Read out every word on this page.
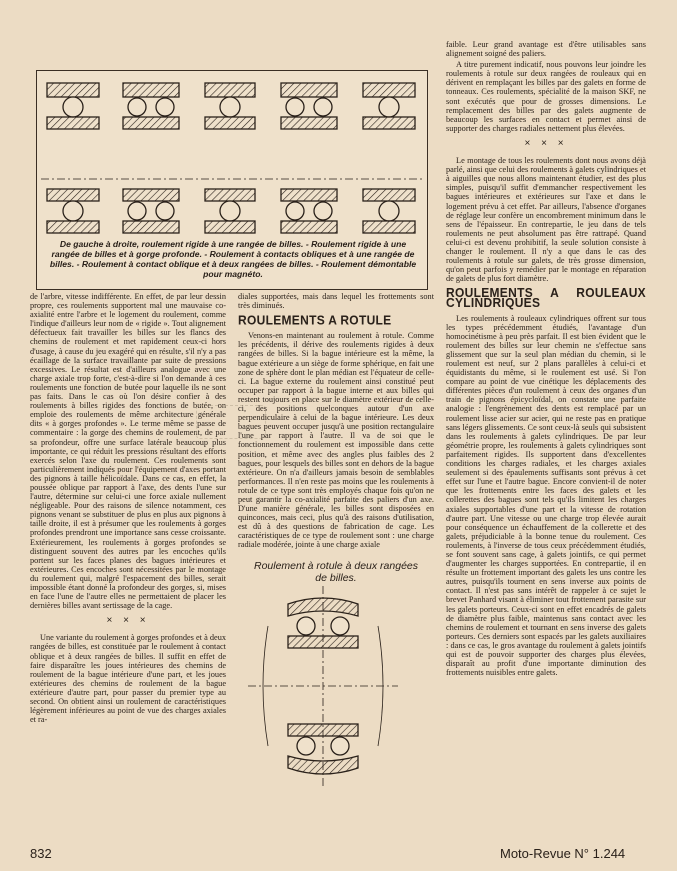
De gauche à droite, roulement rigide à une rangée de billes. - Roulement rigide à une rangée de billes et à gorge profonde. - Roulement à contacts obliques et à une rangée de billes. - Roulement à contact oblique et à deux rangées de billes. - Roulement démontable pour magnéto.

de l'arbre, vitesse indifférente. En effet, de par leur dessin propre, ces roulements supportent mal une mauvaise co-axialité entre l'arbre et le logement du roulement, comme l'indique d'ailleurs leur nom de « rigide ». Tout alignement défectueux fait travailler les billes sur les flancs des chemins de roulement et met rapidement ceux-ci hors d'usage, à cause du jeu exagéré qui en résulte, s'il n'y a pas écaillage de la surface travaillante par suite de pressions excessives. Le résultat est d'ailleurs analogue avec une charge axiale trop forte, c'est-à-dire si l'on demande à ces roulements une fonction de butée pour laquelle ils ne sont pas faits. Dans le cas où l'on désire confier à des roulements à billes rigides des fonctions de butée, on emploie des roulements de même architecture générale dits « à gorges profondes ». Le terme même se passe de commentaire : la gorge des chemins de roulement, de par sa profondeur, offre une surface latérale beaucoup plus importante, ce qui réduit les pressions résultant des efforts exercés selon l'axe du roulement. Ces roulements sont particulièrement indiqués pour l'équipement d'axes portant des pignons à taille hélicoïdale. Dans ce cas, en effet, la poussée oblique par rapport à l'axe, des dents l'une sur l'autre, détermine sur celui-ci une force axiale nullement négligeable. Pour des raisons de silence notamment, ces pignons venant se substituer de plus en plus aux pignons à taille droite, il est à présumer que les roulements à gorges profondes prendront une importance sans cesse croissante. Extérieurement, les roulements à gorges profondes se distinguent souvent des autres par les encoches qu'ils portent sur les faces planes des bagues intérieures et extérieures. Ces encoches sont nécessitées par le montage du roulement qui, malgré l'espacement des billes, serait impossible étant donné la profondeur des gorges, si, mises en face l'une de l'autre elles ne permettaient de placer les dernières billes avant sertissage de la cage.

× × ×

Une variante du roulement à gorges profondes et à deux rangées de billes, est constituée par le roulement à contact oblique et à deux rangées de billes. Il suffit en effet de faire disparaître les joues intérieures des chemins de roulement de la bague intérieure d'une part, et les joues extérieures des chemins de roulement de la bague extérieure d'autre part, pour passer du premier type au second. On obtient ainsi un roulement de caractéristiques légèrement inférieures au point de vue des charges axiales et ra-

diales supportées, mais dans lequel les frottements sont très diminués.

ROULEMENTS A ROTULE

Venons-en maintenant au roulement à rotule. Comme les précédents, il dérive des roulements rigides à deux rangées de billes. Si la bague intérieure est la même, la bague extérieure a un siège de forme sphérique, en fait une zone de sphère dont le plan médian est l'équateur de celle-ci. La bague externe du roulement ainsi constitué peut occuper par rapport à la bague interne et aux billes qui restent toujours en place sur le diamètre extérieur de celle-ci, des positions quelconques autour d'un axe perpendiculaire à celui de la bague intérieure. Les deux bagues peuvent occuper jusqu'à une position rectangulaire l'une par rapport à l'autre. Il va de soi que le fonctionnement du roulement est impossible dans cette position, et même avec des angles plus faibles des 2 bagues, pour lesquels des billes sont en dehors de la bague extérieure. On n'a d'ailleurs jamais besoin de semblables performances. Il n'en reste pas moins que les roulements à rotule de ce type sont très employés chaque fois qu'on ne peut garantir la co-axialité parfaite des paliers d'un axe. D'une manière générale, les billes sont disposées en quinconces, mais ceci, plus qu'à des raisons d'utilisation, est dû à des questions de fabrication de cage. Les caractéristiques de ce type de roulement sont : une charge radiale modérée, jointe à une charge axiale

Roulement à rotule à deux rangées de billes.

faible. Leur grand avantage est d'être utilisables sans alignement soigné des paliers.

A titre purement indicatif, nous pouvons leur joindre les roulements à rotule sur deux rangées de rouleaux qui en dérivent en remplaçant les billes par des galets en forme de tonneaux. Ces roulements, spécialité de la maison SKF, ne sont exécutés que pour de grosses dimensions. Le remplacement des billes par des galets augmente de beaucoup les surfaces en contact et permet ainsi de supporter des charges radiales nettement plus élevées.

× × ×

Le montage de tous les roulements dont nous avons déjà parlé, ainsi que celui des roulements à galets cylindriques et à aiguilles que nous allons maintenant étudier, est des plus simples, puisqu'il suffit d'emmancher respectivement les bagues intérieures et extérieures sur l'axe et dans le logement prévu à cet effet. Par ailleurs, l'absence d'organes de réglage leur confère un encombrement minimum dans le sens de l'épaisseur. En contrepartie, le jeu dans de tels roulements ne peut absolument pas être rattrapé. Quand celui-ci est devenu prohibitif, la seule solution consiste à changer le roulement. Il n'y a que dans le cas des roulements à rotule sur galets, de très grosse dimension, qu'on peut parfois y remédier par le montage en réparation de galets de plus fort diamètre.

ROULEMENTS A ROULEAUX CYLINDRIQUES

Les roulements à rouleaux cylindriques offrent sur tous les types précédemment étudiés, l'avantage d'un homocinétisme à peu près parfait. Il est bien évident que le roulement des billes sur leur chemin ne s'effectue sans glissement que sur la seul plan médian du chemin, si le roulement est neuf, sur 2 plans parallèles à celui-ci et équidistants du même, si le roulement est usé. Si l'on compare au point de vue cinétique les déplacements des différentes pièces d'un roulement à ceux des organes d'un train de pignons épicycloïdal, on constate une parfaite analogie : l'engrènement des dents est remplacé par un roulement lisse acier sur acier, qui ne reste pas en pratique sans légers glissements. Ce sont ceux-là seuls qui subsistent dans les roulements à galets cylindriques. De par leur géométrie propre, les roulements à galets cylindriques sont parfaitement rigides. Ils supportent dans d'excellentes conditions les charges radiales, et les charges axiales seulement si des épaulements suffisants sont prévus à cet effet sur l'une et l'autre bague. Encore convient-il de noter que les frottements entre les faces des galets et les collerettes des bagues sont tels qu'ils limitent les charges axiales supportables d'une part et la vitesse de rotation d'autre part. Une vitesse ou une charge trop élevée aurait pour conséquence un échauffement de la collerette et des galets, préjudiciable à la bonne tenue du roulement. Ces roulements, à l'inverse de tous ceux précédemment étudiés, se font souvent sans cage, à galets jointifs, ce qui permet d'augmenter les charges supportées. En contrepartie, il en résulte un frottement important des galets les uns contre les autres, puisqu'ils tournent en sens inverse aux points de contact. Il n'est pas sans intérêt de rappeler à ce sujet le brevet Panhard visant à éliminer tout frottement parasite sur les galets porteurs. Ceux-ci sont en effet encadrés de galets de diamètre plus faible, maintenus sans contact avec les chemins de roulement et tournant en sens inverse des galets porteurs. Ces derniers sont espacés par les galets auxiliaires : dans ce cas, le gros avantage du roulement à galets jointifs qui est de pouvoir supporter des charges plus élevées, disparaît au profit d'une importante diminution des frottements nuisibles entre galets.

832	Moto-Revue N° 1.244
